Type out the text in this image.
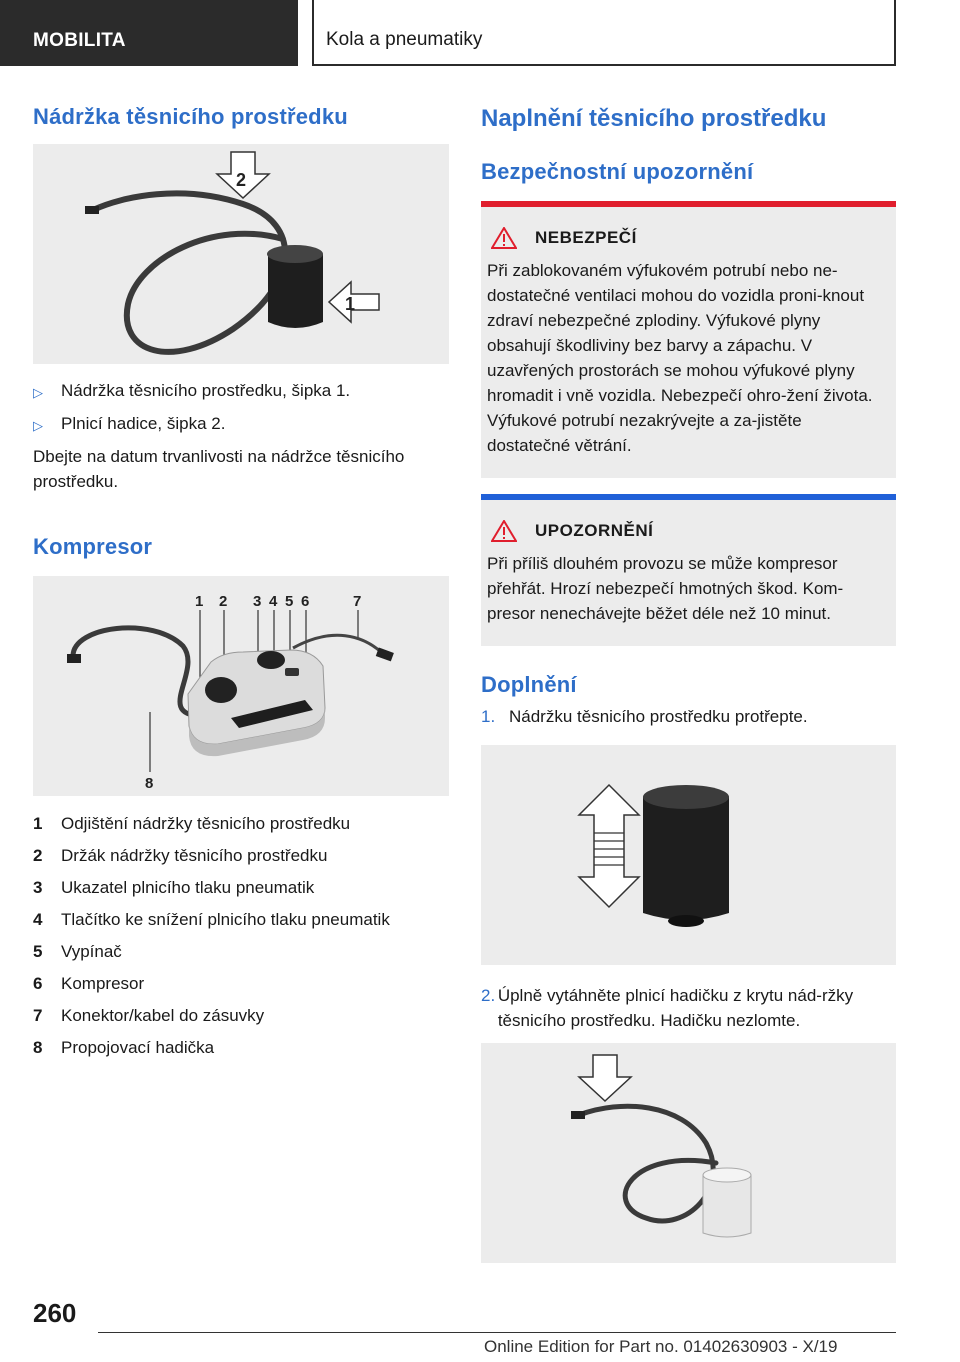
MOBILITA	Kola a pneumatiky
Nádržka těsnicího prostředku
2
1
▷	Nádržka těsnicího prostředku, šipka 1.
▷	Plnicí hadice, šipka 2.

Dbejte na datum trvanlivosti na nádržce těsnicího prostředku.

Kompresor
1 2 3 4 5 6	7
8
1	Odjištění nádržky těsnicího prostředku
2	Držák nádržky těsnicího prostředku
3	Ukazatel plnicího tlaku pneumatik
4	Tlačítko ke snížení plnicího tlaku pneumatik
5	Vypínač
6	Kompresor
7	Konektor/kabel do zásuvky
8	Propojovací hadička
Naplnění těsnicího prostředku
Bezpečnostní upozornění
NEBEZPEČÍ

Při zablokovaném výfukovém potrubí nebo ne-dostatečné ventilaci mohou do vozidla proni-knout zdraví nebezpečné zplodiny. Výfukové plyny obsahují škodliviny bez barvy a zápachu. V uzavřených prostorách se mohou výfukové plyny hromadit i vně vozidla. Nebezpečí ohro-žení života. Výfukové potrubí nezakrývejte a za-jistěte dostatečné větrání.

UPOZORNĚNÍ

Při příliš dlouhém provozu se může kompresor přehřát. Hrozí nebezpečí hmotných škod. Kom-presor nenechávejte běžet déle než 10 minut.

Doplnění
1. Nádržku těsnicího prostředku protřepte.
2. Úplně vytáhněte plnicí hadičku z krytu nád-ržky těsnicího prostředku. Hadičku nezlomte.
260
Online Edition for Part no. 01402630903 - X/19
